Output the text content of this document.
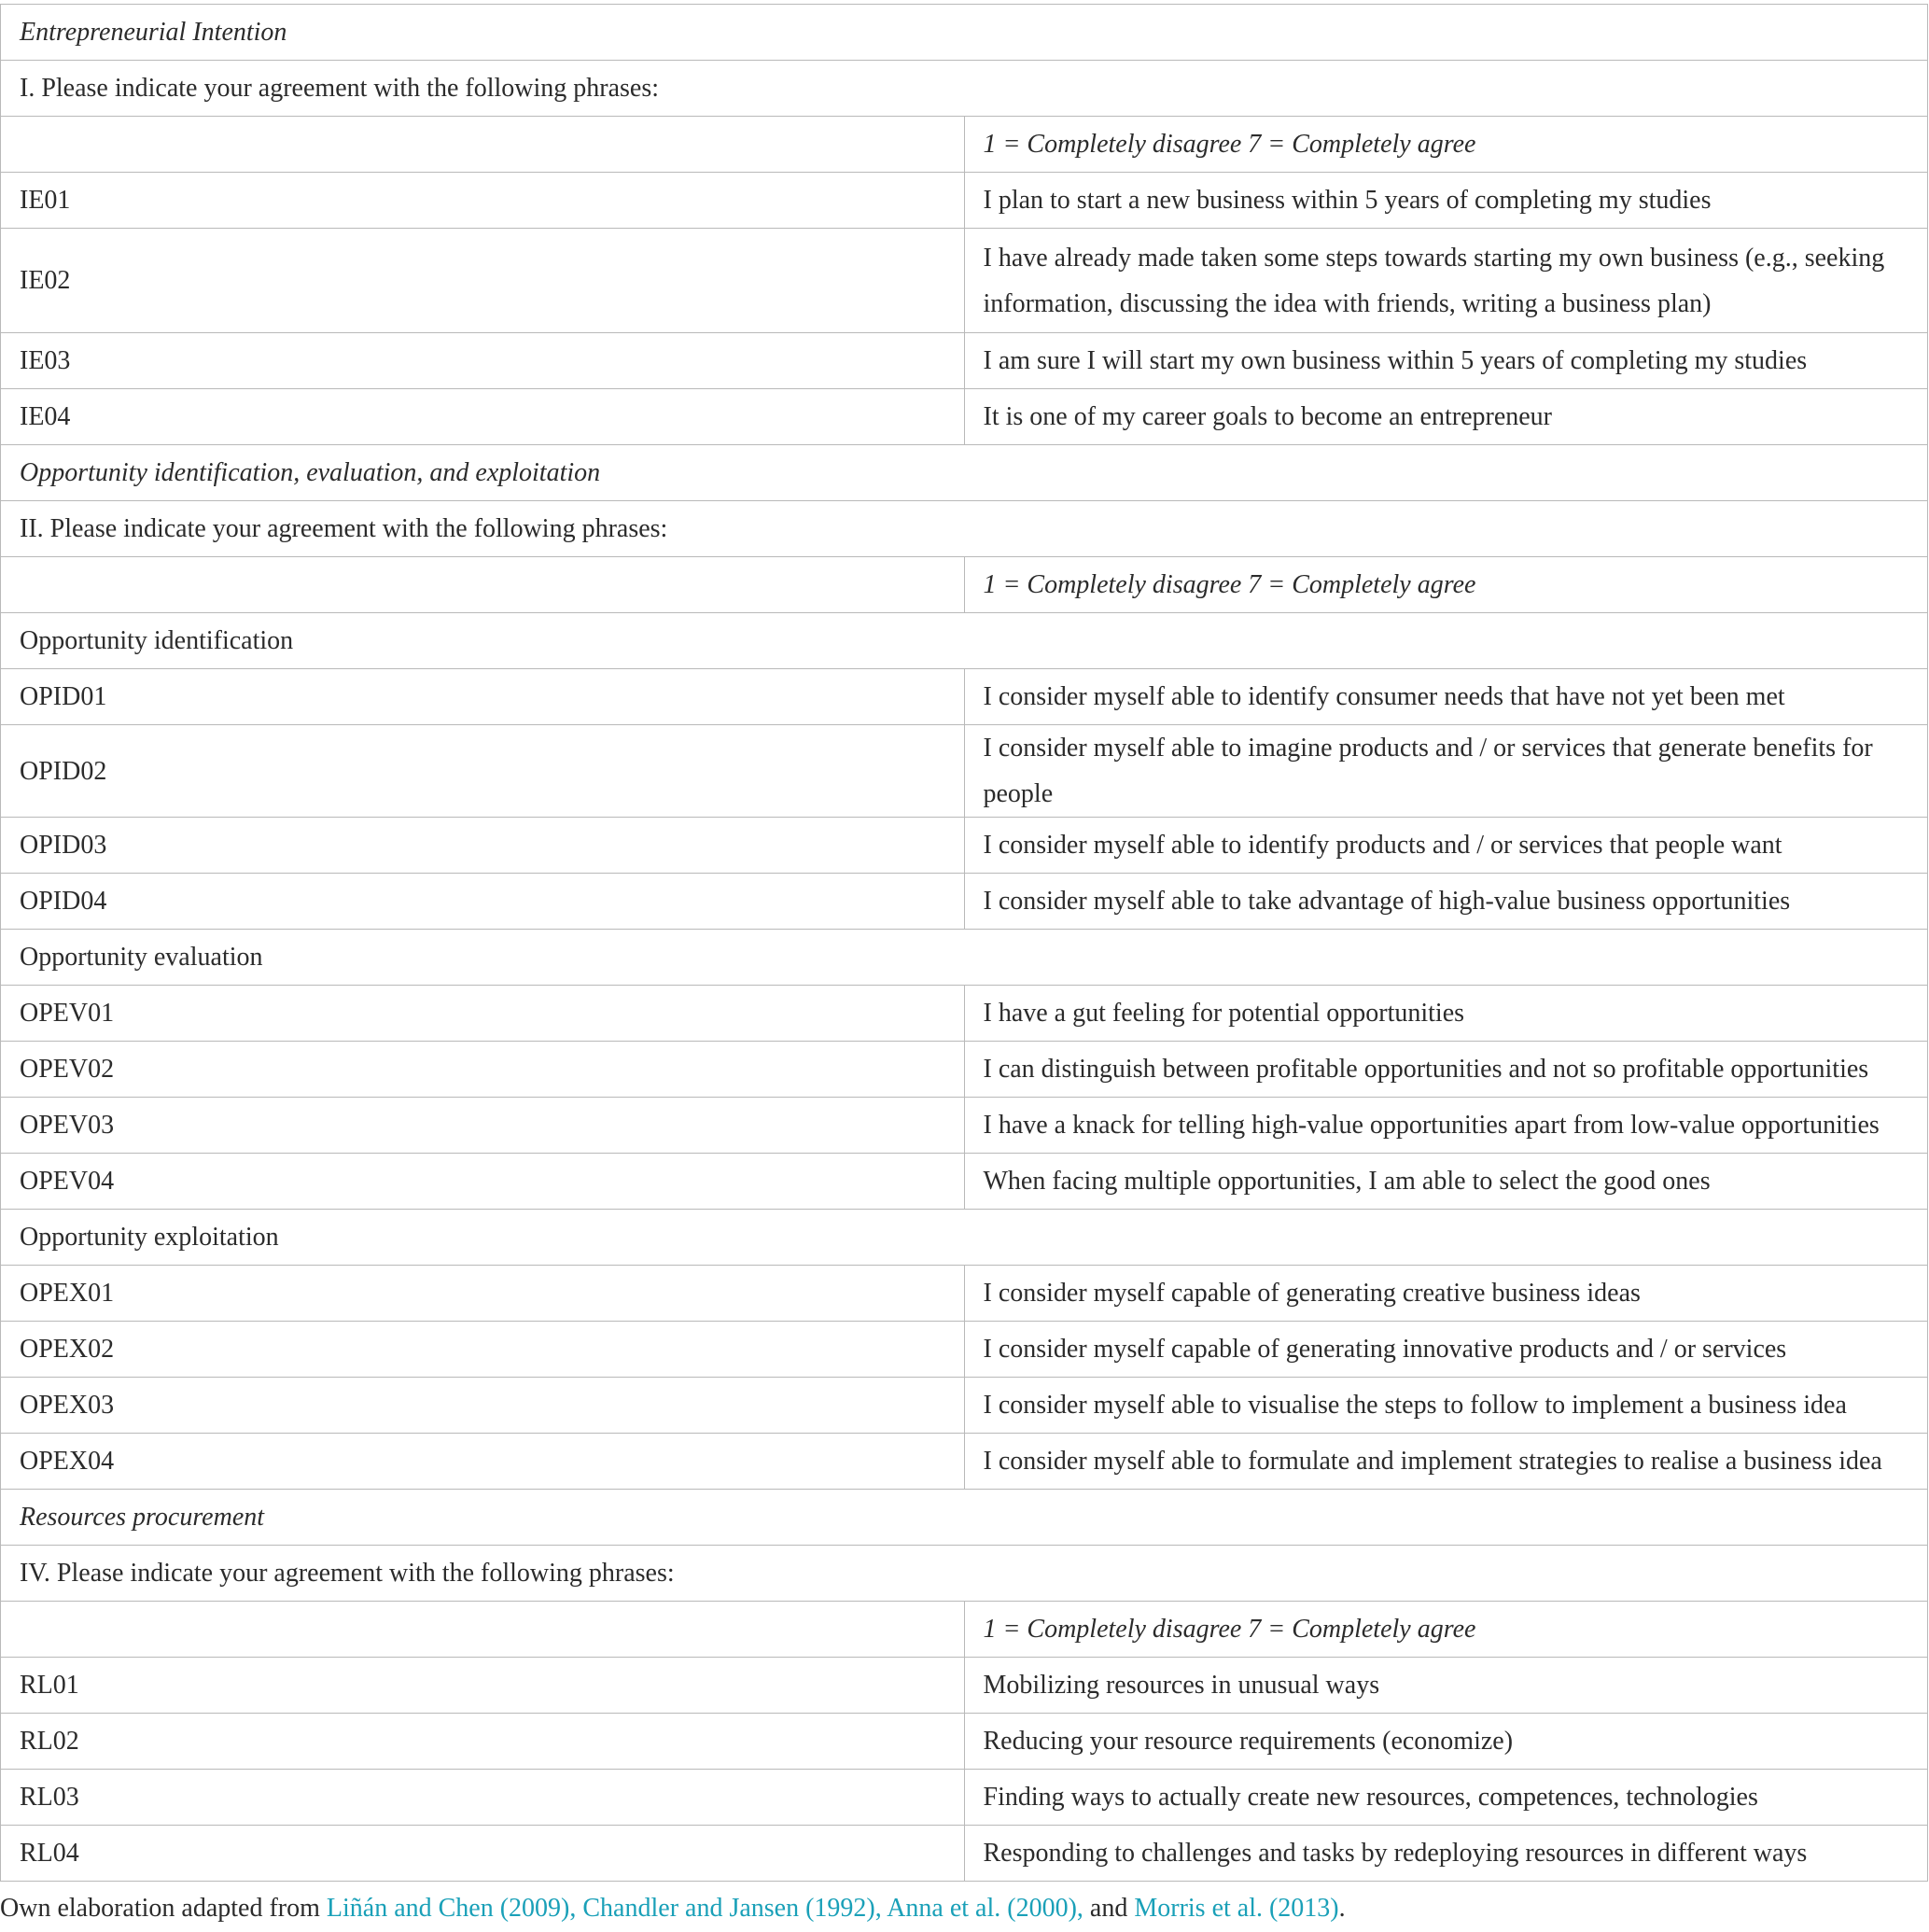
Entrepreneurial Intention	
I. Please indicate your agreement with the following phrases:	
	1 = Completely disagree 7 = Completely agree
IE01	I plan to start a new business within 5 years of completing my studies
IE02	I have already made taken some steps towards starting my own business (e.g., seeking information, discussing the idea with friends, writing a business plan)
IE03	I am sure I will start my own business within 5 years of completing my studies
IE04	It is one of my career goals to become an entrepreneur
Opportunity identification, evaluation, and exploitation	
II. Please indicate your agreement with the following phrases:	
	1 = Completely disagree 7 = Completely agree
Opportunity identification	
OPID01	I consider myself able to identify consumer needs that have not yet been met
OPID02	I consider myself able to imagine products and / or services that generate benefits for people
OPID03	I consider myself able to identify products and / or services that people want
OPID04	I consider myself able to take advantage of high-value business opportunities
Opportunity evaluation	
OPEV01	I have a gut feeling for potential opportunities
OPEV02	I can distinguish between profitable opportunities and not so profitable opportunities
OPEV03	I have a knack for telling high-value opportunities apart from low-value opportunities
OPEV04	When facing multiple opportunities, I am able to select the good ones
Opportunity exploitation	
OPEX01	I consider myself capable of generating creative business ideas
OPEX02	I consider myself capable of generating innovative products and / or services
OPEX03	I consider myself able to visualise the steps to follow to implement a business idea
OPEX04	I consider myself able to formulate and implement strategies to realise a business idea
Resources procurement	
IV. Please indicate your agreement with the following phrases:	
	1 = Completely disagree 7 = Completely agree
RL01	Mobilizing resources in unusual ways
RL02	Reducing your resource requirements (economize)
RL03	Finding ways to actually create new resources, competences, technologies
RL04	Responding to challenges and tasks by redeploying resources in different ways
Own elaboration adapted from Liñán and Chen (2009), Chandler and Jansen (1992), Anna et al. (2000), and Morris et al. (2013).
